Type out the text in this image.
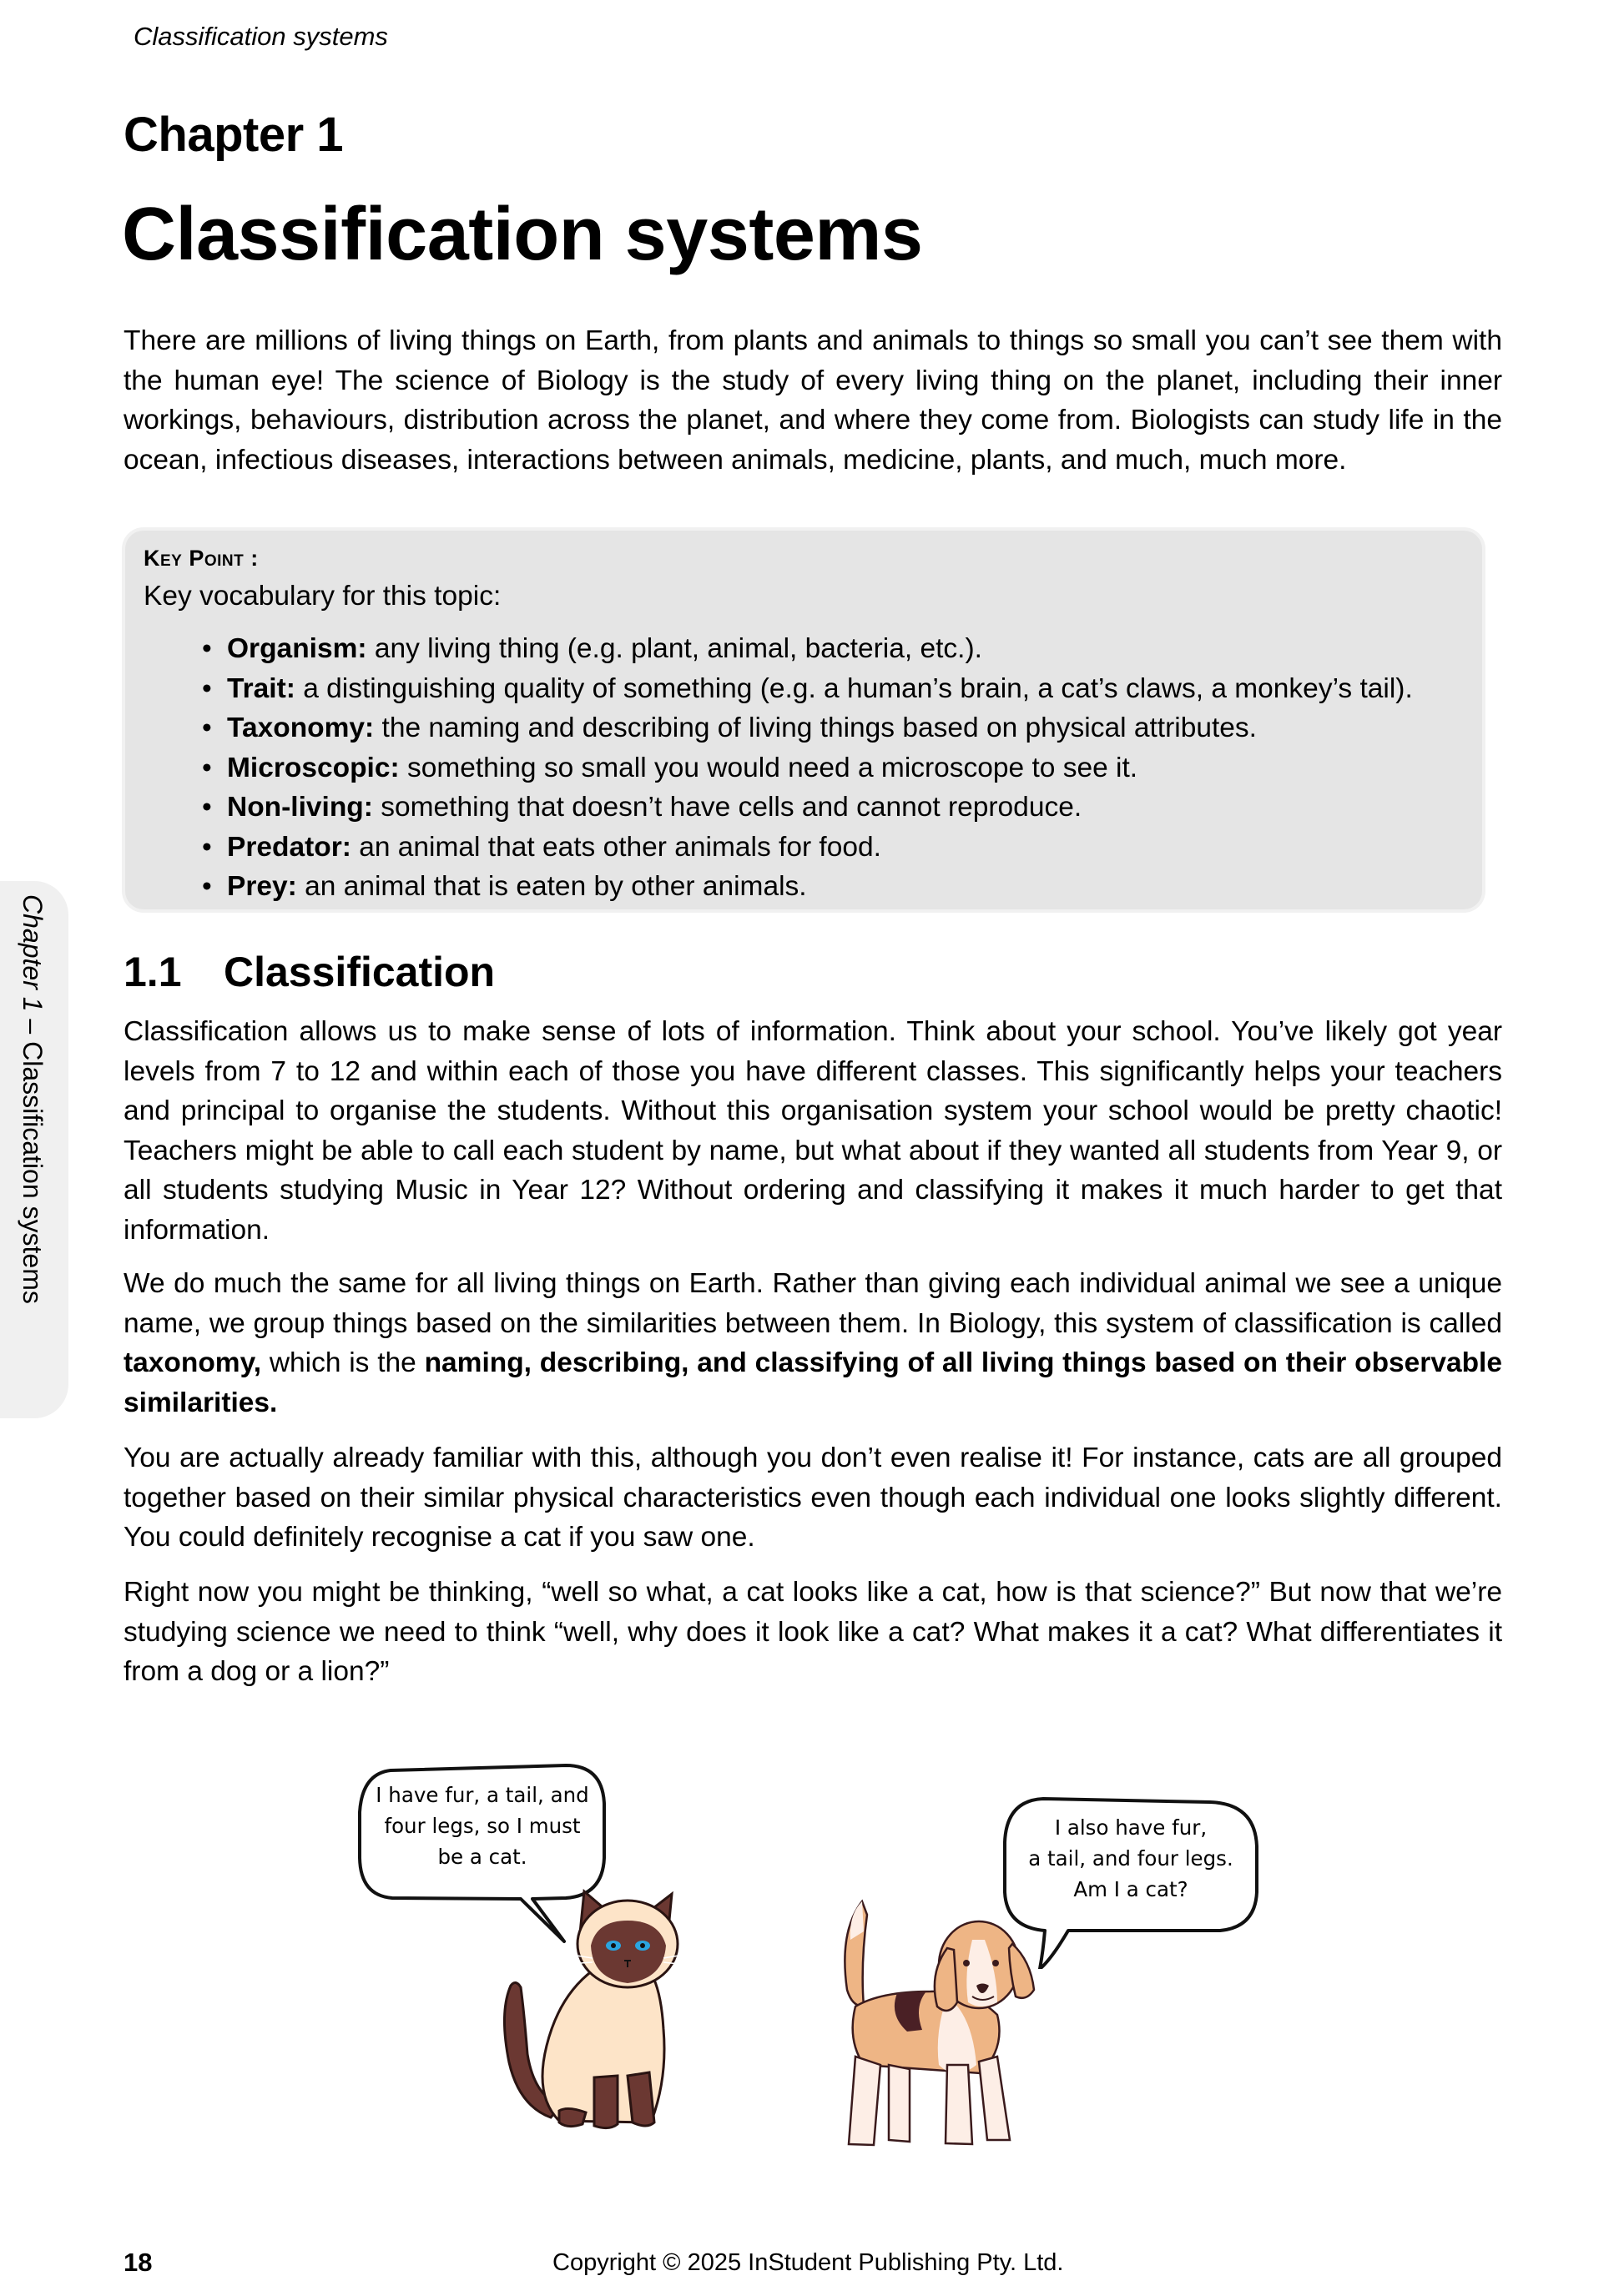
Classification systems
Chapter 1
Classification systems

There are millions of living things on Earth, from plants and animals to things so small you can’t see them with the human eye! The science of Biology is the study of every living thing on the planet, including their inner workings, behaviours, distribution across the planet, and where they come from. Biologists can study life in the ocean, infectious diseases, interactions between animals, medicine, plants, and much, much more.

Key Point :
Key vocabulary for this topic:
• Organism: any living thing (e.g. plant, animal, bacteria, etc.).
• Trait: a distinguishing quality of something (e.g. a human’s brain, a cat’s claws, a monkey’s tail).
• Taxonomy: the naming and describing of living things based on physical attributes.
• Microscopic: something so small you would need a microscope to see it.
• Non-living: something that doesn’t have cells and cannot reproduce.
• Predator: an animal that eats other animals for food.
• Prey: an animal that is eaten by other animals.
1.1 Classification

Classification allows us to make sense of lots of information. Think about your school. You’ve likely got year levels from 7 to 12 and within each of those you have different classes. This significantly helps your teachers and principal to organise the students. Without this organisation system your school would be pretty chaotic! Teachers might be able to call each student by name, but what about if they wanted all students from Year 9, or all students studying Music in Year 12? Without ordering and classifying it makes it much harder to get that information.

We do much the same for all living things on Earth. Rather than giving each individual animal we see a unique name, we group things based on the similarities between them. In Biology, this system of classification is called taxonomy, which is the naming, describing, and classifying of all living things based on their observable similarities.

You are actually already familiar with this, although you don’t even realise it! For instance, cats are all grouped together based on their similar physical characteristics even though each individual one looks slightly different. You could definitely recognise a cat if you saw one.

Right now you might be thinking, “well so what, a cat looks like a cat, how is that science?” But now that we’re studying science we need to think “well, why does it look like a cat? What makes it a cat? What differentiates it from a dog or a lion?”

I have fur, a tail, and
four legs, so I must
be a cat.
I also have fur,
a tail, and four legs.
Am I a cat?
Chapter 1 – Classification systems
18	Copyright © 2025 InStudent Publishing Pty. Ltd.
